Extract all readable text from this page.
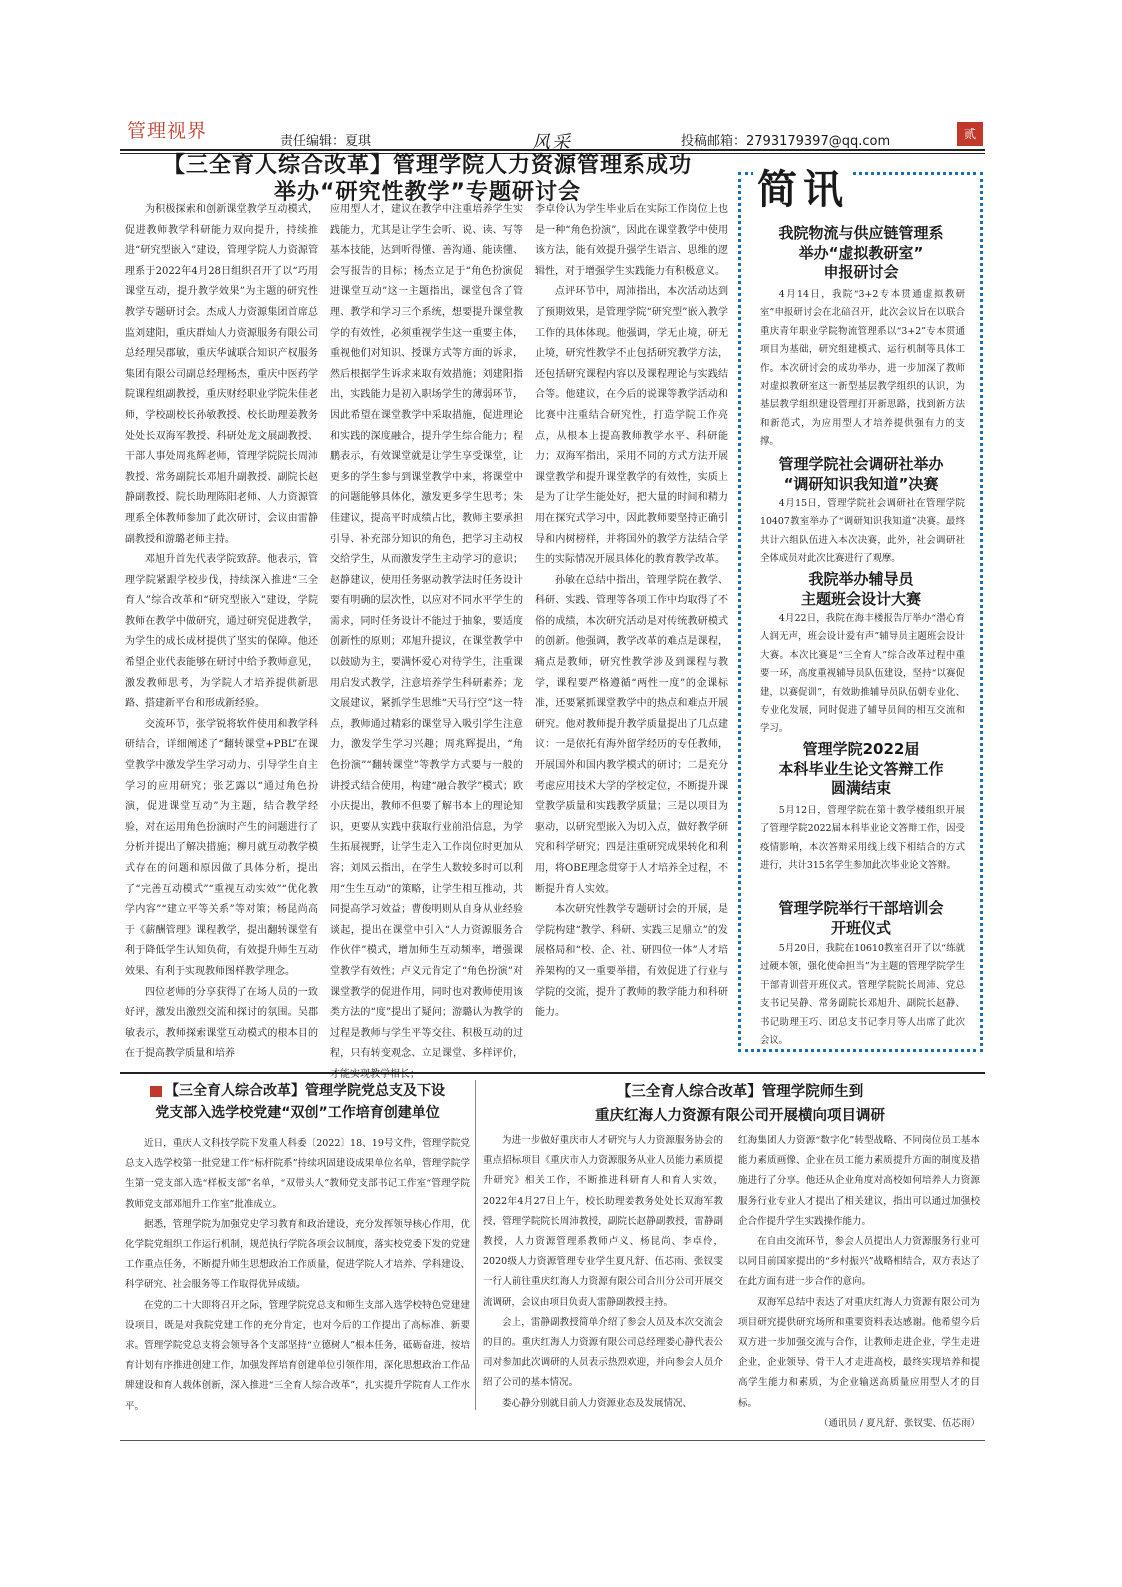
管理视界	责任编辑：夏琪	风采	投稿邮箱：2793179397@qq.com	贰
【三全育人综合改革】管理学院人力资源管理系成功
举办“研究性教学”专题研讨会

为积极探索和创新课堂教学互动模式，促进教师教学科研能力双向提升，持续推进“研究型嵌入”建设，管理学院人力资源管理系于2022年4月28日组织召开了以“巧用课堂互动，提升教学效果”为主题的研究性教学专题研讨会。杰成人力资源集团首席总监刘建阳，重庆群灿人力资源服务有限公司总经理吴郡敏，重庆华诚联合知识产权服务集团有限公司副总经理杨杰，重庆中医药学院课程组副教授，重庆财经职业学院朱佳老师，学校副校长孙敏教授、校长助理姜教务处处长双海军教授、科研处龙文展副教授、干部人事处周兆辉老师，管理学院院长周沛教授、常务副院长邓旭升副教授、副院长赵静副教授、院长助理陈阳老师、人力资源管理系全体教师参加了此次研讨，会议由雷静副教授和游璐老师主持。

邓旭升首先代表学院致辞。他表示，管理学院紧跟学校步伐，持续深入推进“三全育人”综合改革和“研究型嵌入”建设，学院教师在教学中做研究，通过研究促进教学，为学生的成长成材提供了坚实的保障。他还希望企业代表能够在研讨中给予教师意见，激发教师思考，为学院人才培养提供新思路、搭建新平台和形成新经验。

交流环节，张学锐将软件使用和教学科研结合，详细阐述了“翻转课堂+PBL”在课堂教学中激发学生学习动力、引导学生自主学习的应用研究；张艺露以“通过角色扮演，促进课堂互动”为主题，结合教学经验，对在运用角色扮演时产生的问题进行了分析并提出了解决措施；柳月就互动教学模式存在的问题和原因做了具体分析，提出了“完善互动模式”“重视互动实效”“优化教学内容”“建立平等关系”等对策；杨昆尚高于《薪酬管理》课程教学，提出翻转课堂有利于降低学生认知负荷，有效提升师生互动效果、有利于实现教师图样教学理念。

四位老师的分享获得了在场人员的一致好评，激发出激烈交流和探讨的氛围。吴郡敏表示，教师探索课堂互动模式的根本目的在于提高教学质量和培养

应用型人才，建议在教学中注重培养学生实践能力，尤其是让学生会听、说、读、写等基本技能，达到听得懂、善沟通、能读懂、会写报告的目标；杨杰立足于“角色扮演促进课堂互动”这一主题指出，课堂包含了管理、教学和学习三个系统，想要提升课堂教学的有效性，必须重视学生这一重要主体，重视他们对知识、授课方式等方面的诉求，然后根据学生诉求来取有效措施；刘建阳指出，实践能力是初入职场学生的薄弱环节，因此希望在课堂教学中采取措施，促进理论和实践的深度融合，提升学生综合能力；程鹏表示，有效课堂就是让学生享受课堂，让更多的学生参与到课堂教学中来，将课堂中的问题能够具体化，激发更多学生思考；朱佳建议，提高平时成绩占比，教师主要承担引导、补充部分知识的角色，把学习主动权交给学生，从而激发学生主动学习的意识；赵静建议，使用任务驱动教学法时任务设计要有明确的层次性，以应对不同水平学生的需求，同时任务设计不能过于抽象，要适度创新性的原则；邓旭升提议，在课堂教学中以鼓励为主，要满怀爱心对待学生，注重课用启发式教学，注意培养学生科研素养；龙文展建议，紧抓学生思维“天马行空”这一特点，教师通过精彩的课堂导入吸引学生注意力，激发学生学习兴趣；周兆辉提出，“角色扮演”“翻转课堂”等教学方式要与一般的讲授式结合使用，构建“融合教学”模式；欧小庆提出，教师不但要了解书本上的理论知识，更要从实践中获取行业前沿信息，为学生拓展视野，让学生走入工作岗位时更加从容；刘凤云指出，在学生人数较多时可以利用“生生互动”的策略，让学生相互推动，共同提高学习效益；曹俊明则从自身从业经验谈起，提出在课堂中引入“人力资源服务合作伙伴”模式，增加师生互动频率，增强课堂教学有效性；卢义元肯定了“角色扮演”对课堂教学的促进作用，同时也对教师使用该类方法的“度”提出了疑问；游璐认为教学的过程是教师与学生平等交往、积极互动的过程，只有转变观念、立足课堂、多样评价，才能实现教学相长；

李卓伶认为学生毕业后在实际工作岗位上也是一种“角色扮演”，因此在课堂教学中使用该方法，能有效提升强学生语言、思维的逻辑性，对于增强学生实践能力有积极意义。

点评环节中，周沛指出，本次活动达到了预期效果，是管理学院“研究型”嵌入教学工作的具体体现。他强调，学无止境，研无止境，研究性教学不止包括研究教学方法，还包括研究课程内容以及课程理论与实践结合等。他建议，在今后的说课等教学活动和比赛中注重结合研究性，打造学院工作亮点，从根本上提高教师教学水平、科研能力；双海军指出，采用不同的方式方法开展课堂教学和提升课堂教学的有效性，实质上是为了让学生能处好，把大量的时间和精力用在探究式学习中，因此教师要坚持正确引导和内树榜样，并将国外的教学方法结合学生的实际情况开展具体化的教育教学改革。

孙敏在总结中指出，管理学院在教学、科研、实践、管理等各项工作中均取得了不俗的成绩，本次研究活动是对传统教研模式的创新。他强调，教学改革的难点是课程，痛点是教师，研究性教学涉及到课程与教学，课程要严格遵循“两性一度”的金课标准，还要紧抓课堂教学中的热点和难点开展研究。他对教师提升教学质量提出了几点建议：一是依托有海外留学经历的专任教师，开展国外和国内教学模式的研讨；二是充分考虑应用技术大学的学校定位，不断提升课堂教学质量和实践教学质量；三是以项目为驱动，以研究型嵌入为切入点，做好教学研究和科学研究；四是注重研究成果转化和利用，将OBE理念贯穿于人才培养全过程，不断提升育人实效。

本次研究性教学专题研讨会的开展，是学院构建“教学、科研、实践三足鼎立”的发展格局和“校、企、社、研四位一体”人才培养架构的又一重要举措，有效促进了行业与学院的交流，提升了教师的教学能力和科研能力。

简讯
我院物流与供应链管理系
举办“虚拟教研室”
申报研讨会

4月14日，我院“3+2专本贯通虚拟教研室”申报研讨会在北碚召开，此次会议旨在以联合重庆青年职业学院物流管理系以“3+2”专本贯通项目为基础，研究组建模式、运行机制等具体工作。本次研讨会的成功举办，进一步加深了教师对虚拟教研室这一新型基层教学组织的认识，为基层教学组织建设管理打开新思路，找到新方法和新范式，为应用型人才培养提供强有力的支撑。

管理学院社会调研社举办
“调研知识我知道”决赛

4月15日，管理学院社会调研社在管理学院10407教室举办了“调研知识我知道”决赛。最终共计六组队伍进入本次决赛，此外，社会调研社全体成员对此次比赛进行了观摩。

我院举办辅导员
主题班会设计大赛

4月22日，我院在海丰楼报告厅举办“潜心育人润无声，班会设计爱有声”辅导员主题班会设计大赛。本次比赛是“三全育人”综合改革过程中重要一环，高度重视辅导员队伍建设，坚持“以赛促建，以赛促训”，有效助推辅导员队伍朝专业化、专业化发展，同时促进了辅导员间的相互交流和学习。

管理学院2022届
本科毕业生论文答辩工作
圆满结束

5月12日，管理学院在第十教学楼组织开展了管理学院2022届本科毕业论文答辩工作，因受疫情影响，本次答辩采用线上线下相结合的方式进行，共计315名学生参加此次毕业论文答辩。

管理学院举行干部培训会
开班仪式

5月20日，我院在10610教室召开了以“练就过硬本领，强化使命担当”为主题的管理学院学生干部青训营开班仪式。管理学院院长周沛、党总支书记吴静、常务副院长邓旭升、副院长赵静、书记助理王巧、团总支书记李月等人出席了此次会议。

【三全育人综合改革】管理学院党总支及下设
党支部入选学校党建“双创”工作培育创建单位

近日，重庆人文科技学院下发重人科委〔2022〕18、19号文件，管理学院党总支入选学校第一批党建工作“标杆院系”持续巩固建设成果单位名单，管理学院学生第一党支部入选“样板支部”名单，“双带头人”教师党支部书记工作室“管理学院教师党支部邓旭升工作室”批准成立。

据悉，管理学院为加强党史学习教育和政治建设，充分发挥领导核心作用，优化学院党组织工作运行机制，规范执行学院各项会议制度，落实校党委下发的党建工作重点任务，不断提升师生思想政治工作质量，促进学院人才培养、学科建设、科学研究、社会服务等工作取得优异成绩。

在党的二十大即将召开之际，管理学院党总支和师生支部入选学校特色党建建设项目，既是对我院党建工作的充分肯定，也对今后的工作提出了高标准、新要求。管理学院党总支将会领导各个支部坚持“立德树人”根本任务，砥砺奋进，按培育计划有序推进创建工作，加强发挥培育创建单位引领作用，深化思想政治工作品牌建设和育人载体创新，深入推进“三全育人综合改革”，扎实提升学院育人工作水平。

【三全育人综合改革】管理学院师生到
重庆红海人力资源有限公司开展横向项目调研

为进一步做好重庆市人才研究与人力资源服务协会的重点招标项目《重庆市人力资源服务从业人员能力素质提升研究》相关工作，不断推进科研育人和育人实效，2022年4月27日上午，校长助理姜教务处处长双海军教授，管理学院院长周沛教授，副院长赵静副教授，雷静副教授，人力资源管理系教师卢义、杨昆尚、李卓伶，2020级人力资源管理专业学生夏凡舒、伍芯雨、张钗雯一行人前往重庆红海人力资源有限公司合川分公司开展交流调研，会议由项目负责人雷静副教授主持。

会上，雷静副教授简单介绍了参会人员及本次交流会的目的。重庆红海人力资源有限公司总经理娄心静代表公司对参加此次调研的人员表示热烈欢迎，并向参会人员介绍了公司的基本情况。

娄心静分别就目前人力资源业态及发展情况、

红海集团人力资源“数字化”转型战略、不同岗位员工基本能力素质画像、企业在员工能力素质提升方面的制度及措施进行了分享。他还从企业角度对高校如何培养人力资源服务行业专业人才提出了相关建议，指出可以通过加强校企合作提升学生实践操作能力。

在自由交流环节，参会人员提出人力资源服务行业可以同目前国家提出的“乡村振兴”战略相结合，双方表达了在此方面有进一步合作的意向。

双海军总结中表达了对重庆红海人力资源有限公司为项目研究提供研究场所和重要资料表达感谢。他希望今后双方进一步加强交流与合作，让教师走进企业，学生走进企业，企业领导、骨干人才走进高校，最终实现培养和提高学生能力和素质，为企业输送高质量应用型人才的目标。

（通讯员 / 夏凡舒、张钗雯、伍芯雨）
